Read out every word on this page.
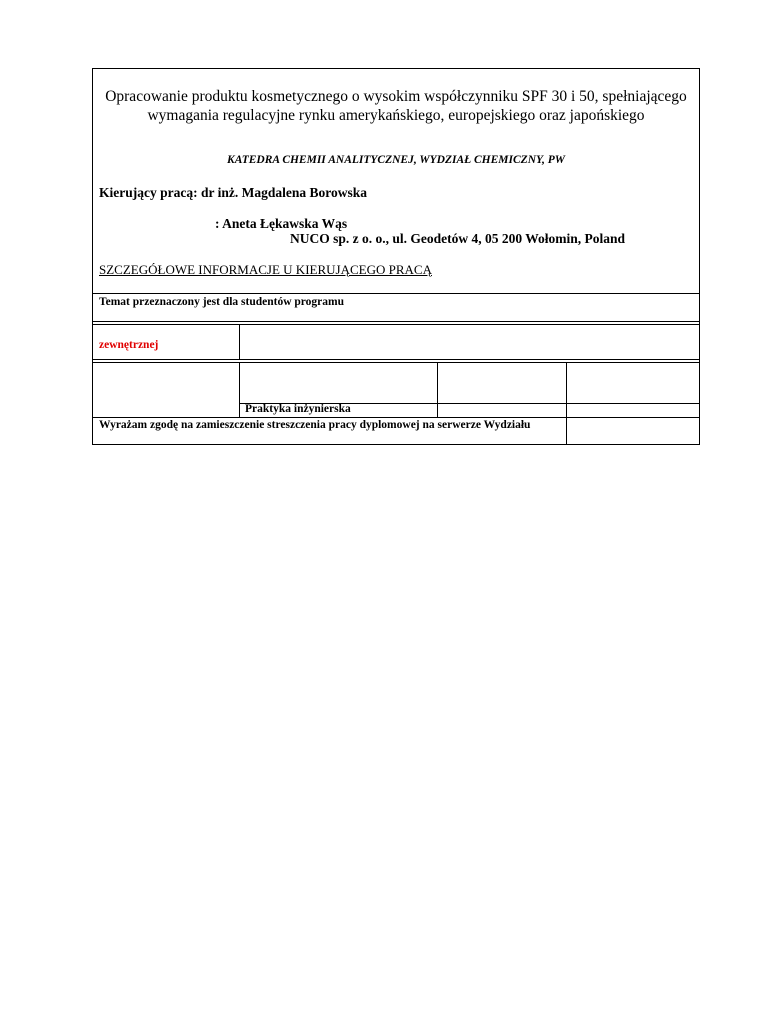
Opracowanie produktu kosmetycznego o wysokim współczynniku SPF 30 i 50, spełniającego wymagania regulacyjne rynku amerykańskiego, europejskiego oraz japońskiego
KATEDRA CHEMII ANALITYCZNEJ, WYDZIAŁ CHEMICZNY, PW
Kierujący pracą: dr inż. Magdalena Borowska
: Aneta Łękawska Wąs
NUCO sp. z o. o., ul. Geodetów 4, 05 200 Wołomin, Poland
SZCZEGÓŁOWE INFORMACJE U KIERUJĄCEGO PRACĄ
Temat przeznaczony jest dla studentów programu
zewnętrznej
Praktyka inżynierska
Wyrażam zgodę na zamieszczenie streszczenia pracy dyplomowej na serwerze Wydziału
